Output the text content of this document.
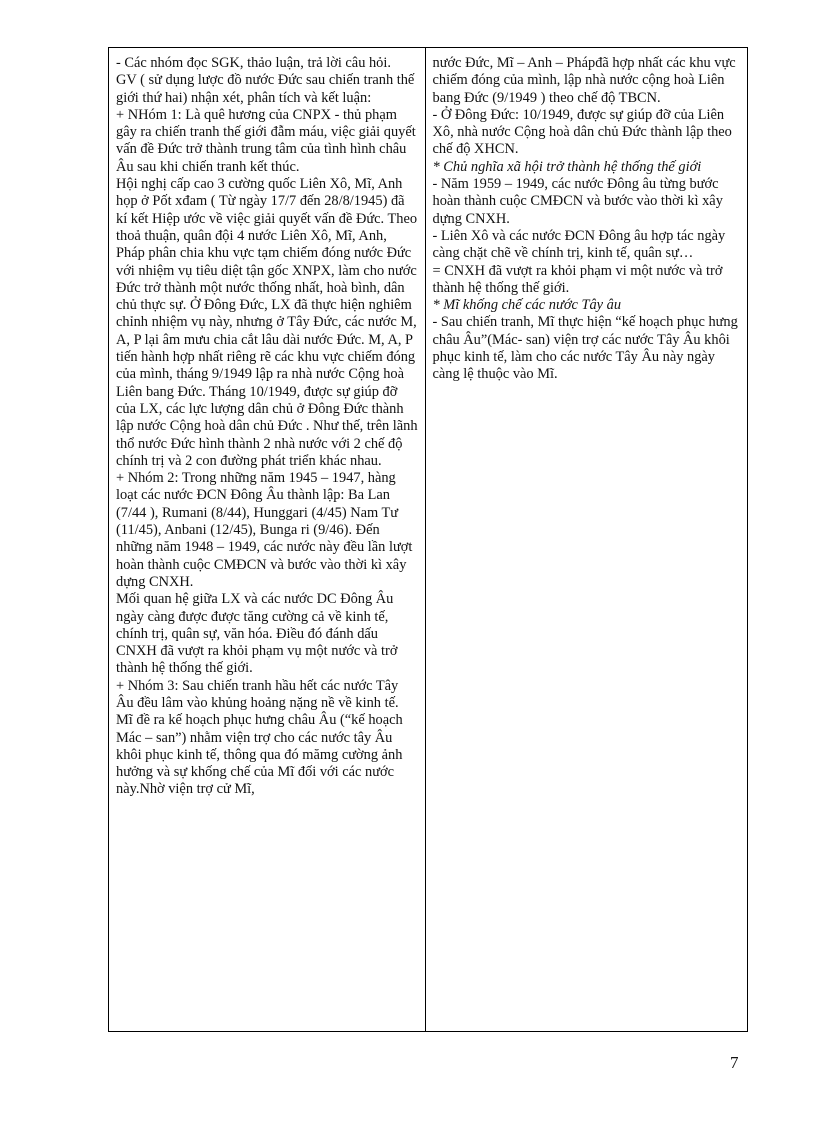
- Các nhóm đọc SGK, thảo luận, trả lời câu hỏi.

GV ( sử dụng lược đồ nước Đức sau chiến tranh thế giới thứ hai) nhận xét, phân tích và kết luận:

+ NHóm 1: Là quê hương của CNPX - thủ phạm gây ra chiến tranh thế giới đẫm máu, việc giải quyết vấn đề Đức trở thành trung tâm của tình hình châu Âu sau khi chiến tranh kết thúc.

Hội nghị cấp cao 3 cường quốc Liên Xô, Mĩ, Anh họp ở Pốt xđam ( Từ ngày 17/7 đến 28/8/1945) đã kí kết Hiệp ước về việc giải quyết vấn đề Đức. Theo thoả thuận, quân đội 4 nước Liên Xô, Mĩ, Anh, Pháp phân chia khu vực tạm chiếm đóng nước Đức với nhiệm vụ tiêu diệt tận gốc XNPX, làm cho nước Đức trở thành một nước thống nhất, hoà bình, dân chủ thực sự. Ở Đông Đức, LX đã thực hiện nghiêm chỉnh nhiệm vụ này, nhưng ở Tây Đức, các nước M, A, P lại âm mưu chia cắt lâu dài nước Đức. M, A, P tiến hành hợp nhất riêng rẽ các khu vực chiếm đóng của mình, tháng 9/1949 lập ra nhà nước Cộng hoà Liên bang Đức. Tháng 10/1949, được sự giúp đỡ của LX, các lực lượng dân chủ ở Đông Đức thành lập nước Cộng hoà dân chủ Đức . Như thế, trên lãnh thổ nước Đức hình thành 2 nhà nước với 2 chế độ chính trị và 2 con đường phát triển khác nhau.

+ Nhóm 2: Trong những năm 1945 – 1947, hàng loạt các nước ĐCN Đông Âu thành lập: Ba Lan (7/44 ), Rumani (8/44), Hunggari (4/45) Nam Tư (11/45), Anbani (12/45), Bunga ri (9/46). Đến những năm 1948 – 1949, các nước này đều lần lượt hoàn thành cuộc CMĐCN và bước vào thời kì xây dựng CNXH.

Mối quan hệ giữa LX và các nước DC Đông Âu ngày càng được được tăng cường cả về kinh tế, chính trị, quân sự, văn hóa. Điều đó đánh dấu CNXH đã vượt ra khỏi phạm vụ một nước và trở thành hệ thống thế giới.

+ Nhóm 3: Sau chiến tranh hầu hết các nước Tây Âu đều lâm vào khủng hoảng nặng nề về kinh tế. Mĩ đề ra kế hoạch phục hưng châu Âu (“kế hoạch Mác – san”) nhằm viện trợ cho các nước tây Âu khôi phục kinh tế, thông qua đó mămg cường ảnh hưởng và sự khống chế của Mĩ đối với các nước này.Nhờ viện trợ cử Mĩ,

nước Đức, Mĩ – Anh – Phápđã hợp nhất các khu vực chiếm đóng của mình, lập nhà nước cộng hoà Liên bang Đức (9/1949 ) theo chế độ TBCN.

- Ở Đông Đức: 10/1949, được sự giúp đỡ của Liên Xô, nhà nước Cộng hoà dân chủ Đức thành lập theo chế độ XHCN.

* Chủ nghĩa xã hội trở thành hệ thống thế giới

- Năm 1959 – 1949, các nước Đông âu từng bước hoàn thành cuộc CMĐCN và bước vào thời kì xây dựng CNXH.

- Liên Xô và các nước ĐCN Đông âu hợp tác ngày càng chặt chẽ về chính trị, kinh tế, quân sự…

= CNXH đã vượt ra khỏi phạm vi một nước và trở thành hệ thống thế giới.

* Mĩ khống chế các nước Tây âu

- Sau chiến tranh, Mĩ thực hiện “kế hoạch phục hưng châu Âu”(Mác- san) viện trợ các nước Tây Âu khôi phục kinh tế, làm cho các nước Tây Âu này ngày càng lệ thuộc vào Mĩ.

7
